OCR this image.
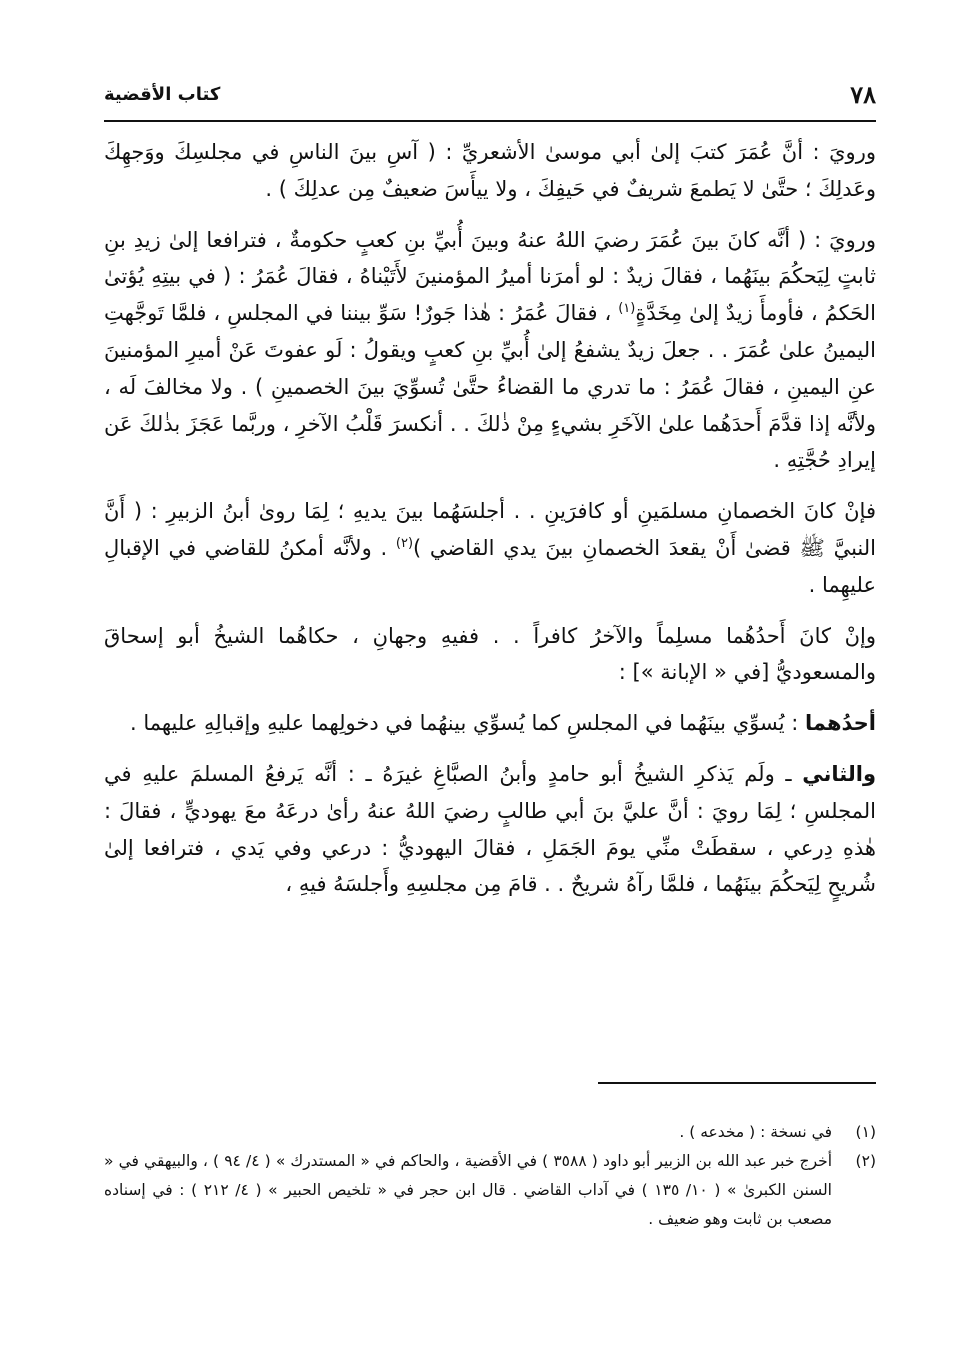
٧٨
كتاب الأقضية

ورويَ : أنَّ عُمَرَ كتبَ إلىٰ أبي موسىٰ الأشعريِّ : ( آسِ بينَ الناسِ في مجلسِكَ ووَجهِكَ وعَدلِكَ ؛ حتَّىٰ لا يَطمعَ شريفٌ في حَيفِكَ ، ولا ييأَسَ ضعيفٌ مِن عدلِكَ ) .

ورويَ : ( أنَّه كانَ بينَ عُمَرَ رضيَ اللهُ عنهُ وبينَ أُبيِّ بنِ كعبٍ حكومةٌ ، فترافعا إلىٰ زيدِ بنِ ثابتٍ لِيَحكُمَ بينَهُما ، فقالَ زيدٌ : لو أمرَنا أميرُ المؤمنينَ لأَتَيْناهُ ، فقالَ عُمَرُ : ( في بيتِهِ يُؤتىٰ الحَكمُ ، فأومأَ زيدٌ إلىٰ مِخَدَّةٍ$^{(١)}$ ، فقالَ عُمَرُ : هٰذا جَورٌ! سَوِّ بيننا في المجلسِ ، فلمَّا تَوجَّهتِ اليمينُ علىٰ عُمَرَ . . جعلَ زيدٌ يشفعُ إلىٰ أُبيِّ بنِ كعبٍ ويقولُ : لَو عفوتَ عَنْ أميرِ المؤمنينَ عنِ اليمينِ ، فقالَ عُمَرُ : ما تدري ما القضاءُ حتَّىٰ تُسوِّيَ بينَ الخصمينِ ) . ولا مخالفَ لَه ، ولأنَّه إذا قدَّمَ أَحدَهُما علىٰ الآخَرِ بشيءٍ مِنْ ذٰلكَ . . أنكسرَ قَلْبُ الآخرِ ، وربَّما عَجَزَ بذٰلكَ عَن إيرادِ حُجَّتِهِ .

فإنْ كانَ الخصمانِ مسلمَينِ أو كافرَينِ . . أجلسَهُما بينَ يديهِ ؛ لِمَا روىٰ أبنُ الزبيرِ : ( أَنَّ النبيَّ ﷺ قضىٰ أَنْ يقعدَ الخصمانِ بينَ يدي القاضي )$^{(٢)}$ . ولأنَّه أمكنُ للقاضي في الإقبالِ عليهِما .

وإنْ كانَ أَحدُهُما مسلِماً والآخرُ كافراً . . ففيهِ وجهانِ ، حكاهُما الشيخُ أبو إسحاقَ والمسعوديُّ [في « الإبانة »] :

أحدُهما : يُسوِّي بينَهُما في المجلسِ كما يُسوِّي بينهُما في دخولِهما عليهِ وإقبالِهِ عليهما .

والثاني ـ ولَم يَذكرِ الشيخُ أبو حامدٍ وأبنُ الصبَّاغِ غيرَهُ ـ : أنَّه يَرفعُ المسلمَ عليهِ في المجلسِ ؛ لِمَا رويَ : أنَّ عليَّ بنَ أبي طالبٍ رضيَ اللهُ عنهُ رأىٰ درعَهُ معَ يهوديٍّ ، فقالَ : هٰذهِ دِرعي ، سقطَتْ منِّي يومَ الجَمَلِ ، فقالَ اليهوديُّ : درعي وفي يَدي ، فترافعا إلىٰ شُريحٍ لِيَحكُمَ بينَهُما ، فلمَّا رآهُ شريحٌ . . قامَ مِن مجلسِهِ وأَجلسَهُ فيهِ ،

(١)
في نسخة : ( مخدعه ) .
(٢)
أخرج خبر عبد الله بن الزبير أبو داود ( ٣٥٨٨ ) في الأقضية ، والحاكم في « المستدرك » ( ٤/ ٩٤ ) ، والبيهقي في « السنن الكبرىٰ » ( ١٠/ ١٣٥ ) في آداب القاضي . قال ابن حجر في « تلخيص الحبير » ( ٤/ ٢١٢ ) : في إسناده مصعب بن ثابت وهو ضعيف .
